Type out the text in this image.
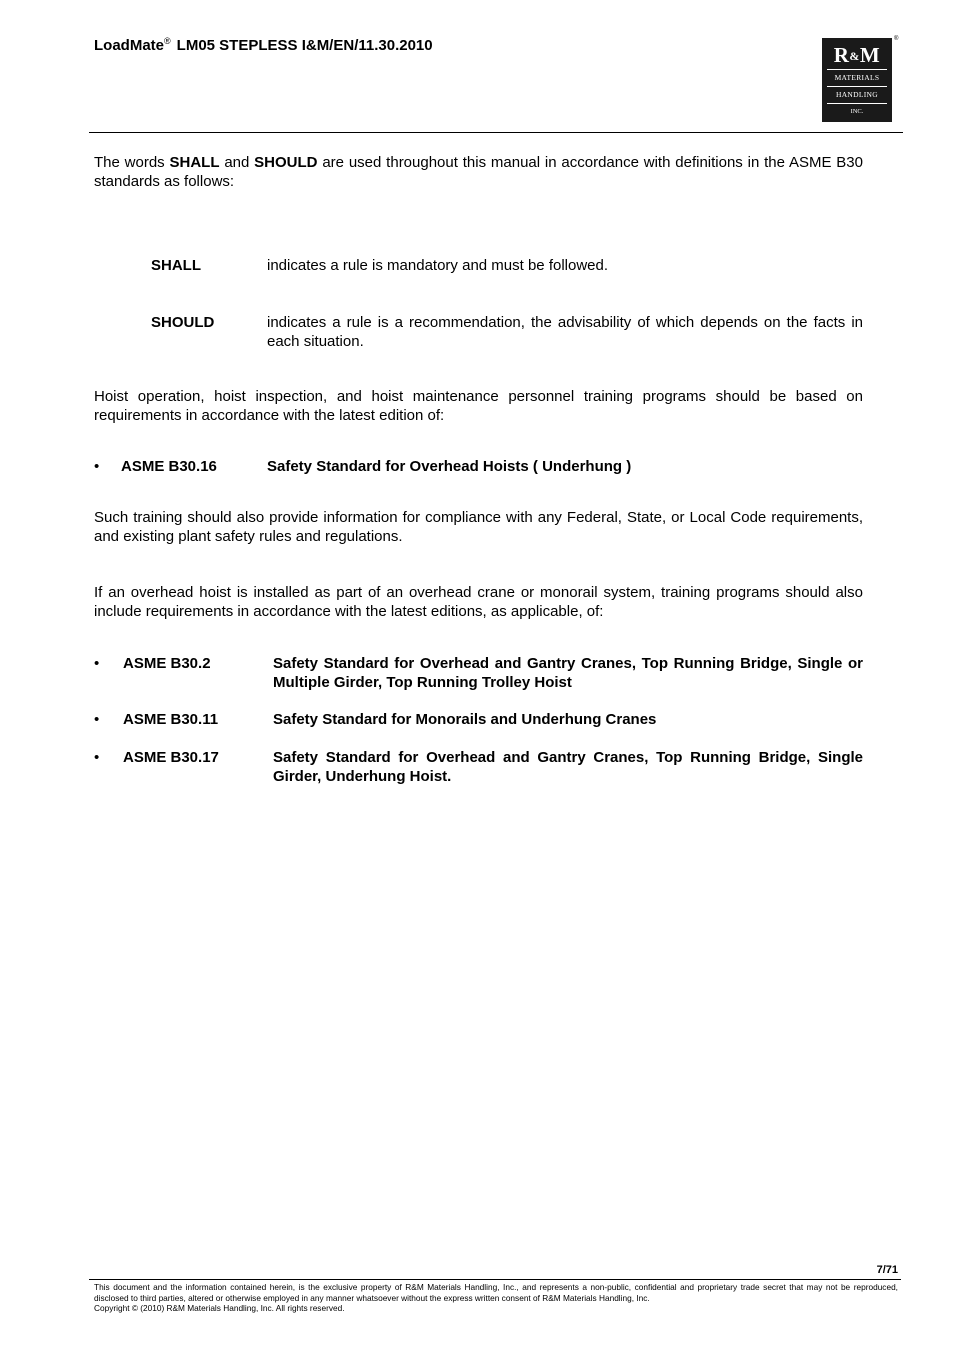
LoadMate® LM05 STEPLESS I&M/EN/11.30.2010	R&M
MATERIALS
HANDLING
INC.
®
The words SHALL and SHOULD are used throughout this manual in accordance with definitions in the ASME B30 standards as follows:
SHALL	indicates a rule is mandatory and must be followed.
SHOULD	indicates a rule is a recommendation, the advisability of which depends on the facts in each situation.
Hoist operation, hoist inspection, and hoist maintenance personnel training programs should be based on requirements in accordance with the latest edition of:
• ASME B30.16	Safety Standard for Overhead Hoists ( Underhung )
Such training should also provide information for compliance with any Federal, State, or Local Code requirements, and existing plant safety rules and regulations.
If an overhead hoist is installed as part of an overhead crane or monorail system, training programs should also include requirements in accordance with the latest editions, as applicable, of:
• ASME B30.2	Safety Standard for Overhead and Gantry Cranes, Top Running Bridge, Single or Multiple Girder, Top Running Trolley Hoist
• ASME B30.11	Safety Standard for Monorails and Underhung Cranes
• ASME B30.17	Safety Standard for Overhead and Gantry Cranes, Top Running Bridge, Single Girder, Underhung Hoist.
7/71
This document and the information contained herein, is the exclusive property of R&M Materials Handling, Inc., and represents a non-public, confidential and proprietary trade secret that may not be reproduced, disclosed to third parties, altered or otherwise employed in any manner whatsoever without the express written consent of R&M Materials Handling, Inc.
Copyright © (2010) R&M Materials Handling, Inc. All rights reserved.
